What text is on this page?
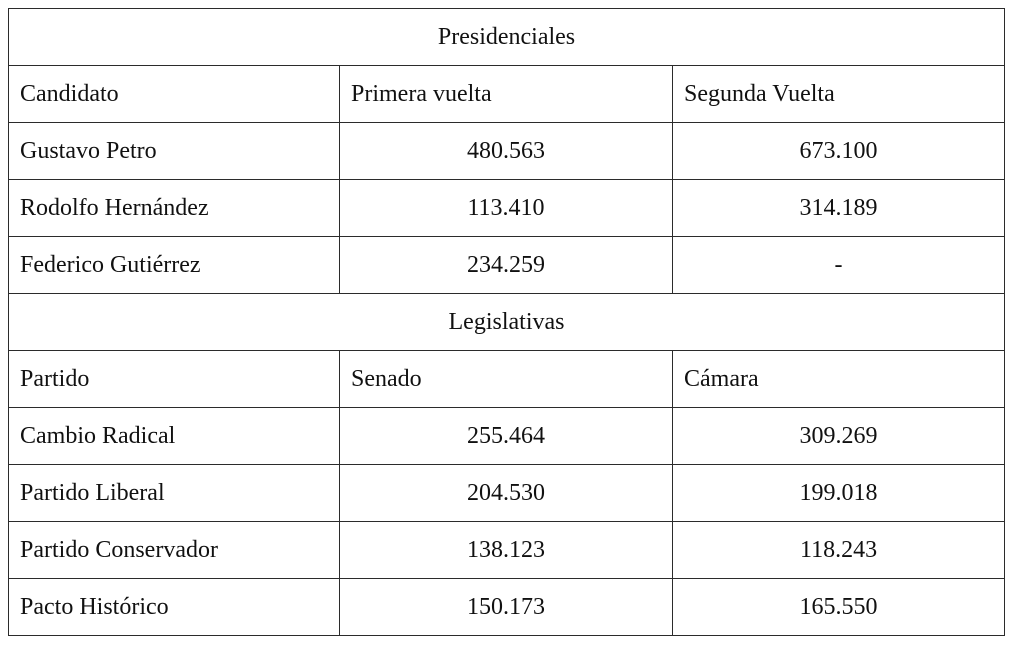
Presidenciales		
Candidato	Primera vuelta	Segunda Vuelta
Gustavo Petro	480.563	673.100
Rodolfo Hernández	113.410	314.189
Federico Gutiérrez	234.259	-
Legislativas		
Partido	Senado	Cámara
Cambio Radical	255.464	309.269
Partido Liberal	204.530	199.018
Partido Conservador	138.123	118.243
Pacto Histórico	150.173	165.550
